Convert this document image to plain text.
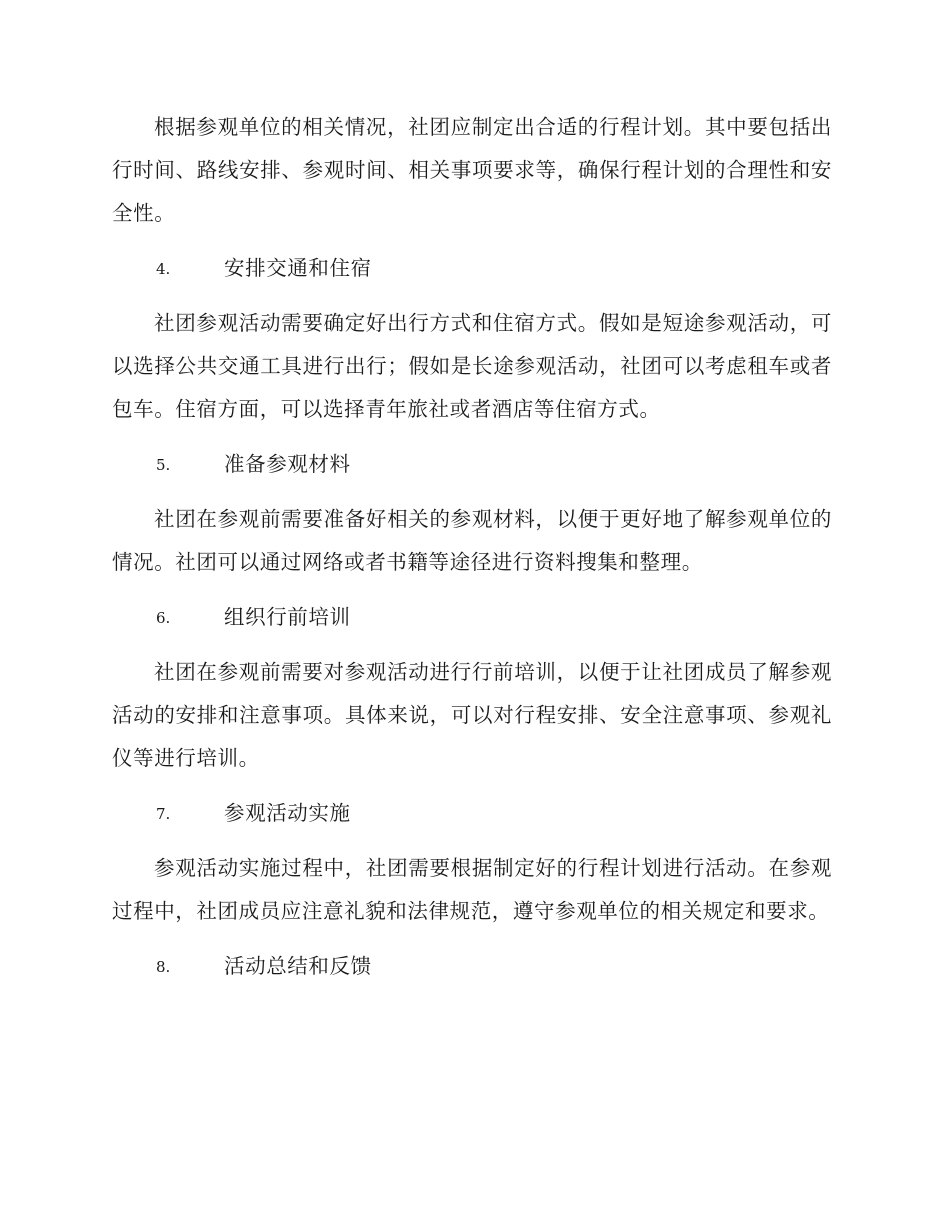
根据参观单位的相关情况，社团应制定出合适的行程计划。其中要包括出行时间、路线安排、参观时间、相关事项要求等，确保行程计划的合理性和安全性。

4.	安排交通和住宿

社团参观活动需要确定好出行方式和住宿方式。假如是短途参观活动，可以选择公共交通工具进行出行；假如是长途参观活动，社团可以考虑租车或者包车。住宿方面，可以选择青年旅社或者酒店等住宿方式。

5.	准备参观材料

社团在参观前需要准备好相关的参观材料，以便于更好地了解参观单位的情况。社团可以通过网络或者书籍等途径进行资料搜集和整理。

6.	组织行前培训

社团在参观前需要对参观活动进行行前培训，以便于让社团成员了解参观活动的安排和注意事项。具体来说，可以对行程安排、安全注意事项、参观礼仪等进行培训。

7.	参观活动实施

参观活动实施过程中，社团需要根据制定好的行程计划进行活动。在参观过程中，社团成员应注意礼貌和法律规范，遵守参观单位的相关规定和要求。

8.	活动总结和反馈
